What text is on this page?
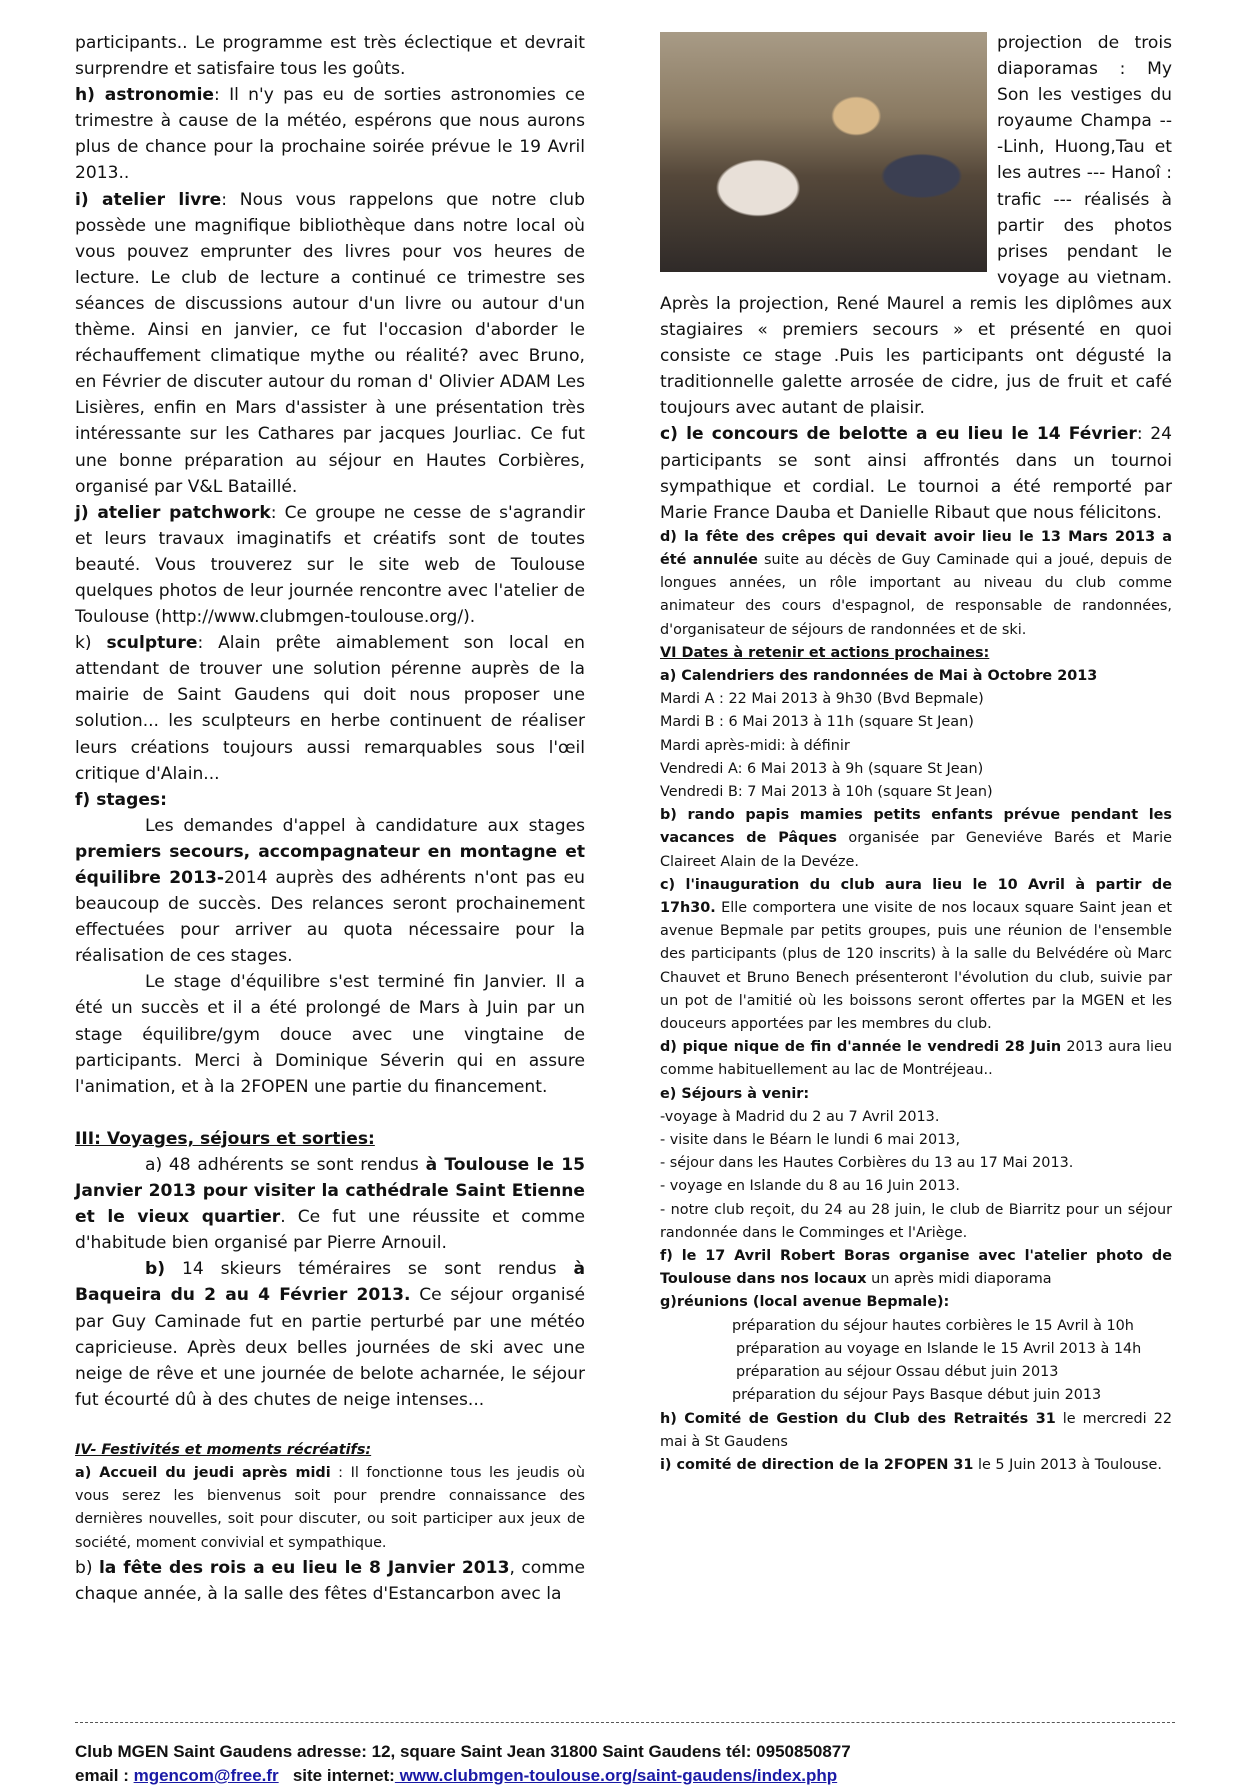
participants.. Le programme est très éclectique et devrait surprendre et satisfaire tous les goûts.

h) astronomie: Il n'y pas eu de sorties astronomies ce trimestre à cause de la météo, espérons que nous aurons plus de chance pour la prochaine soirée prévue le 19 Avril 2013..

i) atelier livre: Nous vous rappelons que notre club possède une magnifique bibliothèque dans notre local où vous pouvez emprunter des livres pour vos heures de lecture. Le club de lecture a continué ce trimestre ses séances de discussions autour d'un livre ou autour d'un thème. Ainsi en janvier, ce fut l'occasion d'aborder le réchauffement climatique mythe ou réalité? avec Bruno, en Février de discuter autour du roman d' Olivier ADAM Les Lisières, enfin en Mars d'assister à une présentation très intéressante sur les Cathares par jacques Jourliac. Ce fut une bonne préparation au séjour en Hautes Corbières, organisé par V&L Bataillé.

j) atelier patchwork: Ce groupe ne cesse de s'agrandir et leurs travaux imaginatifs et créatifs sont de toutes beauté. Vous trouverez sur le site web de Toulouse quelques photos de leur journée rencontre avec l'atelier de Toulouse (http://www.clubmgen-toulouse.org/).

k) sculpture: Alain prête aimablement son local en attendant de trouver une solution pérenne auprès de la mairie de Saint Gaudens qui doit nous proposer une solution... les sculpteurs en herbe continuent de réaliser leurs créations toujours aussi remarquables sous l'œil critique d'Alain...

f) stages:

Les demandes d'appel à candidature aux stages premiers secours, accompagnateur en montagne et équilibre 2013-2014 auprès des adhérents n'ont pas eu beaucoup de succès. Des relances seront prochainement effectuées pour arriver au quota nécessaire pour la réalisation de ces stages.

Le stage d'équilibre s'est terminé fin Janvier. Il a été un succès et il a été prolongé de Mars à Juin par un stage équilibre/gym douce avec une vingtaine de participants. Merci à Dominique Séverin qui en assure l'animation, et à la 2FOPEN une partie du financement.

III: Voyages, séjours et sorties:

a) 48 adhérents se sont rendus à Toulouse le 15 Janvier 2013 pour visiter la cathédrale Saint Etienne et le vieux quartier. Ce fut une réussite et comme d'habitude bien organisé par Pierre Arnouil.

b) 14 skieurs téméraires se sont rendus à Baqueira du 2 au 4 Février 2013. Ce séjour organisé par Guy Caminade fut en partie perturbé par une météo capricieuse. Après deux belles journées de ski avec une neige de rêve et une journée de belote acharnée, le séjour fut écourté dû à des chutes de neige intenses...

IV- Festivités et moments récréatifs:

a) Accueil du jeudi après midi : Il fonctionne tous les jeudis où vous serez les bienvenus soit pour prendre connaissance des dernières nouvelles, soit pour discuter, ou soit participer aux jeux de société, moment convivial et sympathique.

b) la fête des rois a eu lieu le 8 Janvier 2013, comme chaque année, à la salle des fêtes d'Estancarbon avec la

projection de trois diaporamas : My Son les vestiges du royaume Champa ---Linh, Huong,Tau et les autres --- Hanoî : trafic --- réalisés à partir des photos prises pendant le voyage au vietnam. Après la projection, René Maurel a remis les diplômes aux stagiaires « premiers secours » et présenté en quoi consiste ce stage .Puis les participants ont dégusté la traditionnelle galette arrosée de cidre, jus de fruit et café toujours avec autant de plaisir.

c) le concours de belotte a eu lieu le 14 Février: 24 participants se sont ainsi affrontés dans un tournoi sympathique et cordial. Le tournoi a été remporté par Marie France Dauba et Danielle Ribaut que nous félicitons.

d) la fête des crêpes qui devait avoir lieu le 13 Mars 2013 a été annulée suite au décès de Guy Caminade qui a joué, depuis de longues années, un rôle important au niveau du club comme animateur des cours d'espagnol, de responsable de randonnées, d'organisateur de séjours de randonnées et de ski.

VI Dates à retenir et actions prochaines:

a) Calendriers des randonnées de Mai à Octobre 2013

Mardi A : 22 Mai 2013 à 9h30 (Bvd Bepmale)

Mardi B : 6 Mai 2013 à 11h (square St Jean)

Mardi après-midi: à définir

Vendredi A: 6 Mai 2013 à 9h (square St Jean)

Vendredi B: 7 Mai 2013 à 10h (square St Jean)

b) rando papis mamies petits enfants prévue pendant les vacances de Pâques organisée par Geneviéve Barés et Marie Claireet Alain de la Devéze.

c) l'inauguration du club aura lieu le 10 Avril à partir de 17h30. Elle comportera une visite de nos locaux square Saint jean et avenue Bepmale par petits groupes, puis une réunion de l'ensemble des participants (plus de 120 inscrits) à la salle du Belvédére où Marc Chauvet et Bruno Benech présenteront l'évolution du club, suivie par un pot de l'amitié où les boissons seront offertes par la MGEN et les douceurs apportées par les membres du club.

d) pique nique de fin d'année le vendredi 28 Juin 2013 aura lieu comme habituellement au lac de Montréjeau..

e) Séjours à venir:

-voyage à Madrid du 2 au 7 Avril 2013.

- visite dans le Béarn le lundi 6 mai 2013,

- séjour dans les Hautes Corbières du 13 au 17 Mai 2013.

- voyage en Islande du 8 au 16 Juin 2013.

- notre club reçoit, du 24 au 28 juin, le club de Biarritz pour un séjour randonnée dans le Comminges et l'Ariège.

f) le 17 Avril Robert Boras organise avec l'atelier photo de Toulouse dans nos locaux un après midi diaporama

g)réunions (local avenue Bepmale):

préparation du séjour hautes corbières le 15 Avril à 10h

préparation au voyage en Islande le 15 Avril 2013 à 14h

préparation au séjour Ossau début juin 2013

préparation du séjour Pays Basque début juin 2013

h) Comité de Gestion du Club des Retraités 31 le mercredi 22 mai à St Gaudens

i) comité de direction de la 2FOPEN 31 le 5 Juin 2013 à Toulouse.

Club MGEN Saint Gaudens adresse: 12, square Saint Jean 31800 Saint Gaudens tél: 0950850877
email : mgencom@free.fr   site internet: www.clubmgen-toulouse.org/saint-gaudens/index.php
